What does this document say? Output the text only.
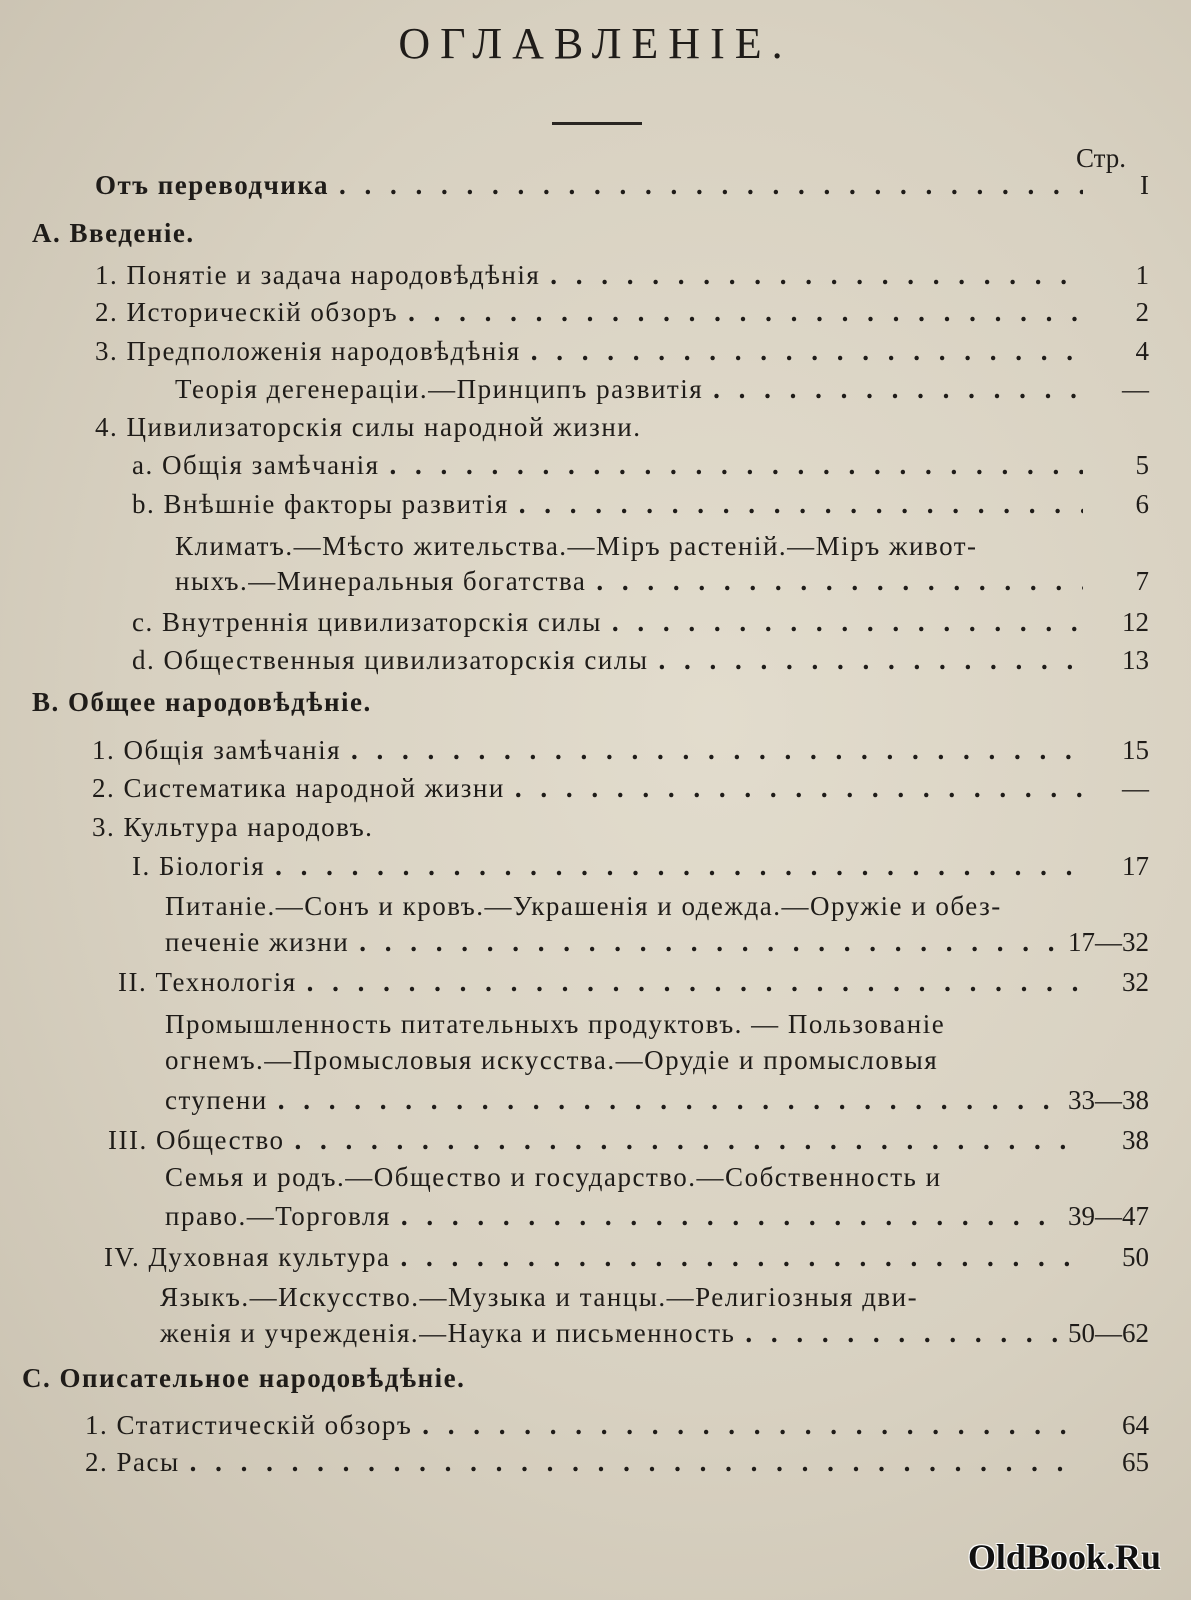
ОГЛАВЛЕНІЕ.
Стр.
Отъ переводчика . . .	I
А. Введеніе.
1. Понятіе и задача народовѣдѣнія . . .	1
2. Историческій обзоръ . . .	2
3. Предположенія народовѣдѣнія . . .	4
Теорія дегенераціи.—Принципъ развитія . . .	—
4. Цивилизаторскія силы народной жизни.
a. Общія замѣчанія . . .	5
b. Внѣшніе факторы развитія . . .	6
Климатъ.—Мѣсто жительства.—Міръ растеній.—Міръ живот-
ныхъ.—Минеральныя богатства . . .	7
c. Внутреннія цивилизаторскія силы . . .	12
d. Общественныя цивилизаторскія силы . . .	13
B. Общее народовѣдѣніе.
1. Общія замѣчанія . . .	15
2. Систематика народной жизни . . .	—
3. Культура народовъ.
I. Біологія . . .	17
Питаніе.—Сонъ и кровъ.—Украшенія и одежда.—Оружіе и обез-
печеніе жизни . . .	17—32
II. Технологія . . .	32
Промышленность питательныхъ продуктовъ. — Пользованіе
огнемъ.—Промысловыя искусства.—Орудіе и промысловыя
ступени . . .	33—38
III. Общество . . .	38
Семья и родъ.—Общество и государство.—Собственность и
право.—Торговля . . .	39—47
IV. Духовная культура . . .	50
Языкъ.—Искусство.—Музыка и танцы.—Религіозныя дви-
женія и учрежденія.—Наука и письменность . . .	50—62
C. Описательное народовѣдѣніе.
1. Статистическій обзоръ . . .	64
2. Расы . . .	65
OldBook.Ru
